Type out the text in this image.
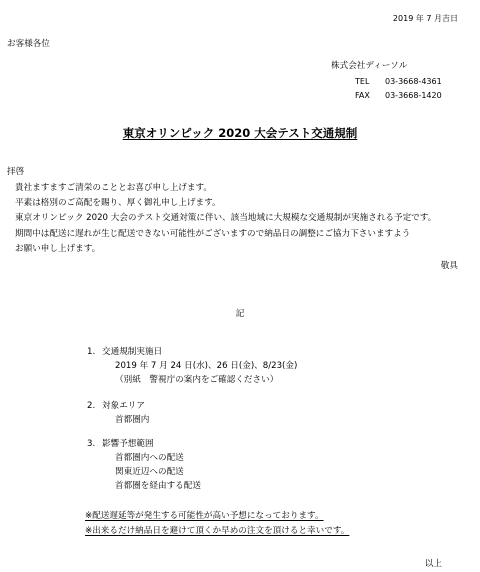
2019 年 7 月吉日
お客様各位
株式会社ディーソル
TEL 03-3668-4361
FAX 03-3668-1420
東京オリンピック 2020 大会テスト交通規制
拝啓
貴社ますますご清栄のこととお喜び申し上げます。
平素は格別のご高配を賜り、厚く御礼申し上げます。
東京オリンピック 2020 大会のテスト交通対策に伴い、該当地域に大規模な交通規制が実施される予定です。
期間中は配送に遅れが生じ配送できない可能性がございますので納品日の調整にご協力下さいますよう
お願い申し上げます。
敬具
記
1. 交通規制実施日
2019 年 7 月 24 日(水)、26 日(金)、8/23(金)
（別紙　警視庁の案内をご確認ください）
2. 対象エリア
首都圏内
3. 影響予想範囲
首都圏内への配送
関東近辺への配送
首都圏を経由する配送
※配送遅延等が発生する可能性が高い予想になっております。
※出来るだけ納品日を避けて頂くか早めの注文を頂けると幸いです。
以上
